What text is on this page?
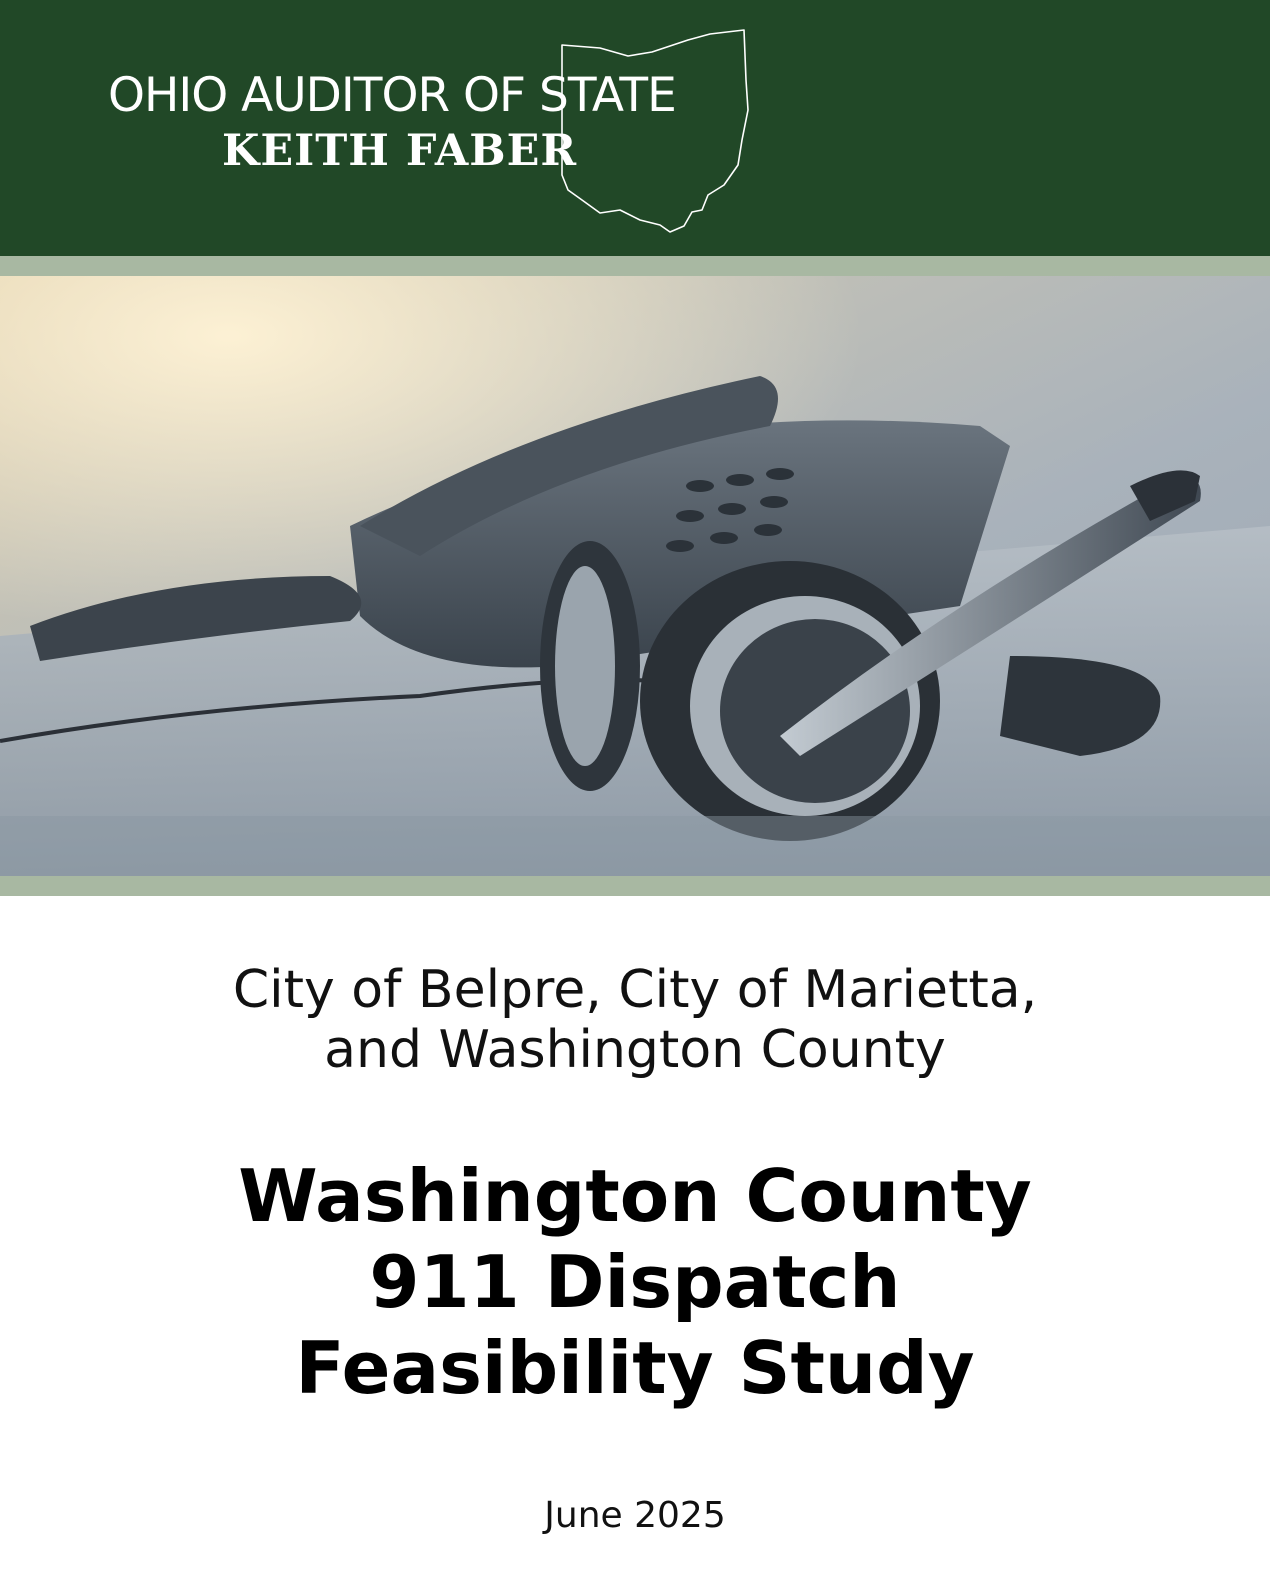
OHIO AUDITOR OF STATE
KEITH FABER
City of Belpre, City of Marietta,
and Washington County
Washington County
911 Dispatch
Feasibility Study
June 2025
